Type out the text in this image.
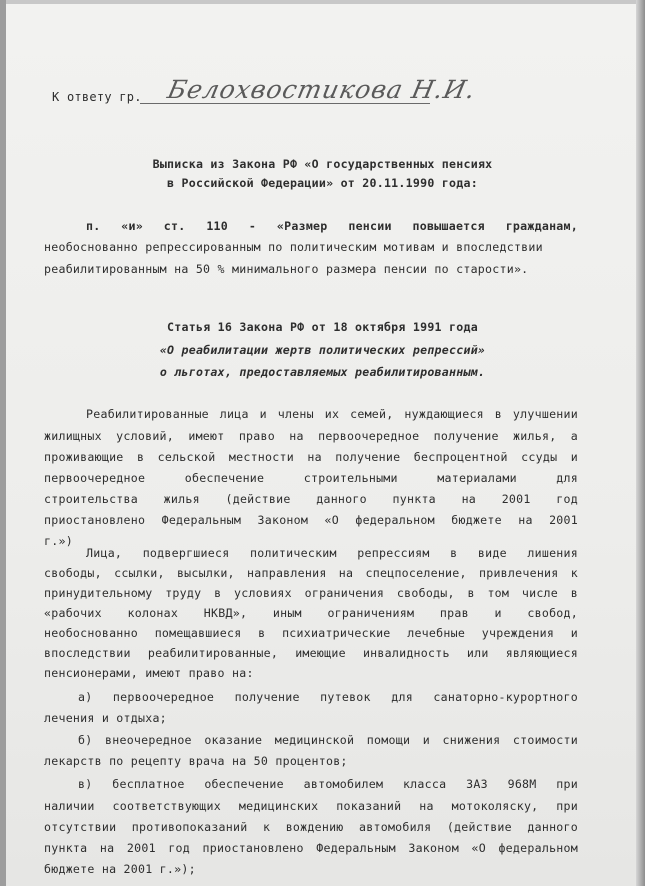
К ответу гр. Белохвостикова Н.И.
Выписка из Закона РФ «О государственных пенсиях
в Российской Федерации» от 20.11.1990 года:
п. «и» ст. 110 - «Размер пенсии повышается гражданам,
необоснованно репрессированным по политическим мотивам и впоследствии
реабилитированным на 50 % минимального размера пенсии по старости».
Статья 16 Закона РФ от 18 октября 1991 года
«О реабилитации жертв политических репрессий»
о льготах, предоставляемых реабилитированным.
Реабилитированные лица и члены их семей, нуждающиеся в улучшении
жилищных условий, имеют право на первоочередное получение жилья, а
проживающие в сельской местности на получение беспроцентной ссуды и
первоочередное обеспечение строительными материалами для
строительства жилья (действие данного пункта на 2001 год
приостановлено Федеральным Законом «О федеральном бюджете на 2001
г.»)
Лица, подвергшиеся политическим репрессиям в виде лишения
свободы, ссылки, высылки, направления на спецпоселение, привлечения к
принудительному труду в условиях ограничения свободы, в том числе в
«рабочих колонах НКВД», иным ограничениям прав и свобод,
необоснованно помещавшиеся в психиатрические лечебные учреждения и
впоследствии реабилитированные, имеющие инвалидность или являющиеся
пенсионерами, имеют право на:
а) первоочередное получение путевок для санаторно-курортного
лечения и отдыха;
б) внеочередное оказание медицинской помощи и снижения стоимости
лекарств по рецепту врача на 50 процентов;
в) бесплатное обеспечение автомобилем класса ЗАЗ 968М при
наличии соответствующих медицинских показаний на мотоколяску, при
отсутствии противопоказаний к вождению автомобиля (действие данного
пункта на 2001 год приостановлено Федеральным Законом «О федеральном
бюджете на 2001 г.»);
